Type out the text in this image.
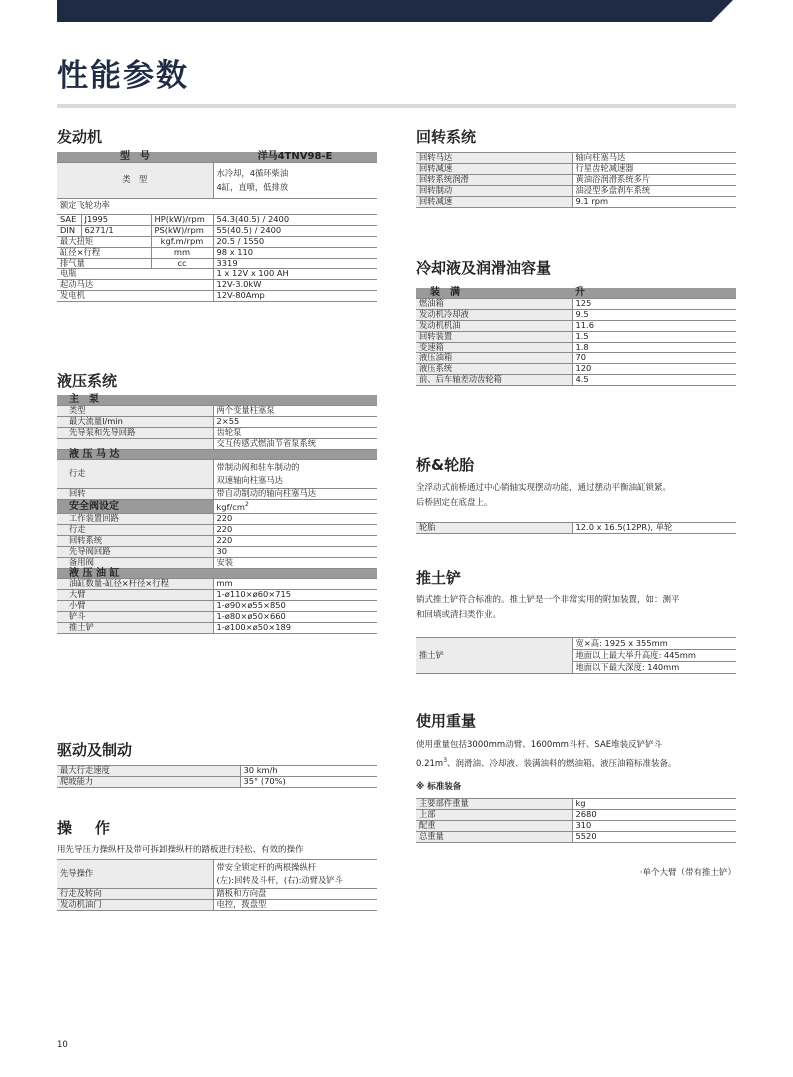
性能参数
发动机
型　号			洋马4TNV98-E
类　型			水冷却，4循环柴油
4缸，直喷，低排放

额定飞轮功率			
SAE	J1995	HP(kW)/rpm	54.3(40.5) / 2400
DIN	6271/1	PS(kW)/rpm	55(40.5) / 2400
最大扭矩		kgf.m/rpm	20.5 / 1550
缸径×行程		mm	98 x 110
排气量		cc	3319
电瓶			1 x 12V x 100 AH
起动马达			12V-3.0kW
发电机			12V-80Amp
液压系统
主　泵	
类型	两个变量柱塞泵
最大流量l/min	2×55
先导泵和先导回路	齿轮泵
	交互传感式燃油节省泵系统
液 压 马 达	
行走	带制动阀和驻车制动的
双速轴向柱塞马达

回转	带自动制动的轴向柱塞马达
安全阀设定	kgf/$cm^2$
工作装置回路	220
行走	220
回转系统	220
先导阀回路	30
备用阀	安装
液 压 油 缸	
油缸数量-缸径×杆径×行程	mm
大臂	1-ø110×ø60×715
小臂	1-ø90×ø55×850
铲斗	1-ø80×ø50×660
推土铲	1-ø100×ø50×189
驱动及制动
最大行走速度	30 km/h
爬坡能力	35° (70%)
操　作
用先导压力操纵杆及带可拆卸操纵杆的踏板进行轻松、有效的操作
先导操作	带安全锁定杆的两根操纵杆
(左):回转及斗杆，(右):动臂及铲斗

行走及转向	踏板和方向盘
发动机油门	电控，拨盘型
回转系统
回转马达	轴向柱塞马达
回转减速	行星齿轮减速器
回转系统润滑	黄油浴润滑系统多片
回转制动	油浸型多盘刹车系统
回转减速	9.1 rpm
冷却液及润滑油容量
装　满	升
燃油箱	125
发动机冷却液	9.5
发动机机油	11.6
回转装置	1.5
变速箱	1.8
液压油箱	70
液压系统	120
前、后车轴差动齿轮箱	4.5
桥&轮胎
全浮动式前桥通过中心销轴实现摆动功能，通过摆动平衡油缸锁紧。
后桥固定在底盘上。
轮胎	12.0 x 16.5(12PR), 单轮
推土铲
销式推土铲符合标准的。推土铲是一个非常实用的附加装置，如：测平
和回填或清扫类作业。
推土铲	宽×高: 1925 x 355mm
地面以上最大举升高度: 445mm
地面以下最大深度: 140mm
使用重量
使用重量包括3000mm动臂、1600mm斗杆、SAE堆装反铲铲斗
$0.21m^3$、润滑油、冷却液、装满油料的燃油箱、液压油箱标准装备。
※ 标准装备
主要部件重量	kg
上部	2680
配重	310
总重量	5520
·单个大臂（带有推土铲）
10
